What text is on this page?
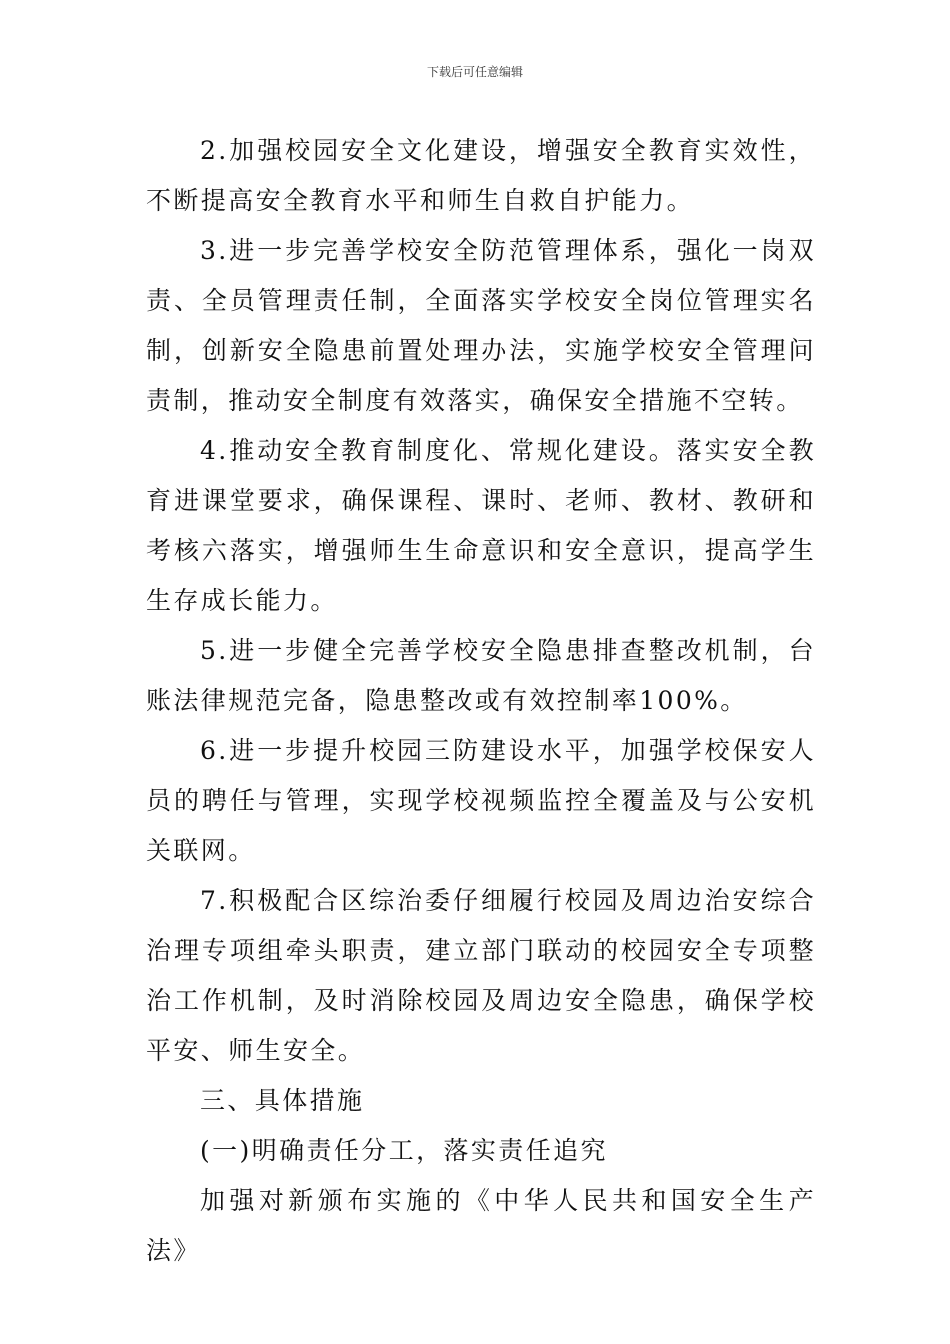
下载后可任意编辑

2.加强校园安全文化建设，增强安全教育实效性，不断提高安全教育水平和师生自救自护能力。

3.进一步完善学校安全防范管理体系，强化一岗双责、全员管理责任制，全面落实学校安全岗位管理实名制，创新安全隐患前置处理办法，实施学校安全管理问责制，推动安全制度有效落实，确保安全措施不空转。

4.推动安全教育制度化、常规化建设。落实安全教育进课堂要求，确保课程、课时、老师、教材、教研和考核六落实，增强师生生命意识和安全意识，提高学生生存成长能力。

5.进一步健全完善学校安全隐患排查整改机制，台账法律规范完备，隐患整改或有效控制率100%。

6.进一步提升校园三防建设水平，加强学校保安人员的聘任与管理，实现学校视频监控全覆盖及与公安机关联网。

7.积极配合区综治委仔细履行校园及周边治安综合治理专项组牵头职责，建立部门联动的校园安全专项整治工作机制，及时消除校园及周边安全隐患，确保学校平安、师生安全。

三、具体措施

(一)明确责任分工，落实责任追究

加强对新颁布实施的《中华人民共和国安全生产法》
